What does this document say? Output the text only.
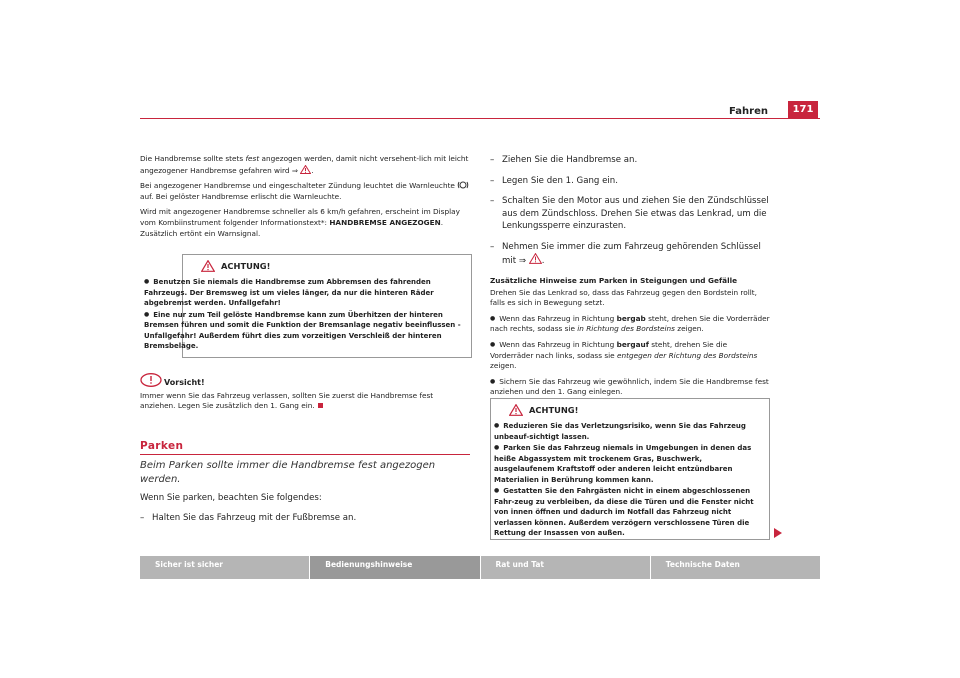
Fahren	171

Die Handbremse sollte stets fest angezogen werden, damit nicht versehent-lich mit leicht angezogener Handbremse gefahren wird ⇒ .

Bei angezogener Handbremse und eingeschalteter Zündung leuchtet die Warnleuchte  auf. Bei gelöster Handbremse erlischt die Warnleuchte.

Wird mit angezogener Handbremse schneller als 6 km/h gefahren, erscheint im Display vom Kombiinstrument folgender Informationstext*: HANDBREMSE ANGEZOGEN. Zusätzlich ertönt ein Warnsignal.

ACHTUNG!
● Benutzen Sie niemals die Handbremse zum Abbremsen des fahrenden Fahrzeugs. Der Bremsweg ist um vieles länger, da nur die hinteren Räder abgebremst werden. Unfallgefahr!
● Eine nur zum Teil gelöste Handbremse kann zum Überhitzen der hinteren Bremsen führen und somit die Funktion der Bremsanlage negativ beeinflussen - Unfallgefahr! Außerdem führt dies zum vorzeitigen Verschleiß der hinteren Bremsbeläge.
Vorsicht!
Immer wenn Sie das Fahrzeug verlassen, sollten Sie zuerst die Handbremse fest anziehen. Legen Sie zusätzlich den 1. Gang ein.
Parken
Beim Parken sollte immer die Handbremse fest angezogen werden.
Wenn Sie parken, beachten Sie folgendes:
– Halten Sie das Fahrzeug mit der Fußbremse an.
– Ziehen Sie die Handbremse an.
– Legen Sie den 1. Gang ein.
– Schalten Sie den Motor aus und ziehen Sie den Zündschlüssel aus dem Zündschloss. Drehen Sie etwas das Lenkrad, um die Lenkungssperre einzurasten.
– Nehmen Sie immer die zum Fahrzeug gehörenden Schlüssel mit ⇒ .

Zusätzliche Hinweise zum Parken in Steigungen und Gefälle

Drehen Sie das Lenkrad so, dass das Fahrzeug gegen den Bordstein rollt, falls es sich in Bewegung setzt.

● Wenn das Fahrzeug in Richtung bergab steht, drehen Sie die Vorderräder nach rechts, sodass sie in Richtung des Bordsteins zeigen.

● Wenn das Fahrzeug in Richtung bergauf steht, drehen Sie die Vorderräder nach links, sodass sie entgegen der Richtung des Bordsteins zeigen.

● Sichern Sie das Fahrzeug wie gewöhnlich, indem Sie die Handbremse fest anziehen und den 1. Gang einlegen.

ACHTUNG!
● Reduzieren Sie das Verletzungsrisiko, wenn Sie das Fahrzeug unbeauf-sichtigt lassen.
● Parken Sie das Fahrzeug niemals in Umgebungen in denen das heiße Abgassystem mit trockenem Gras, Buschwerk, ausgelaufenem Kraftstoff oder anderen leicht entzündbaren Materialien in Berührung kommen kann.
● Gestatten Sie den Fahrgästen nicht in einem abgeschlossenen Fahr-zeug zu verbleiben, da diese die Türen und die Fenster nicht von innen öffnen und dadurch im Notfall das Fahrzeug nicht verlassen können. Außerdem verzögern verschlossene Türen die Rettung der Insassen von außen.
Sicher ist sicher	Bedienungshinweise	Rat und Tat	Technische Daten
